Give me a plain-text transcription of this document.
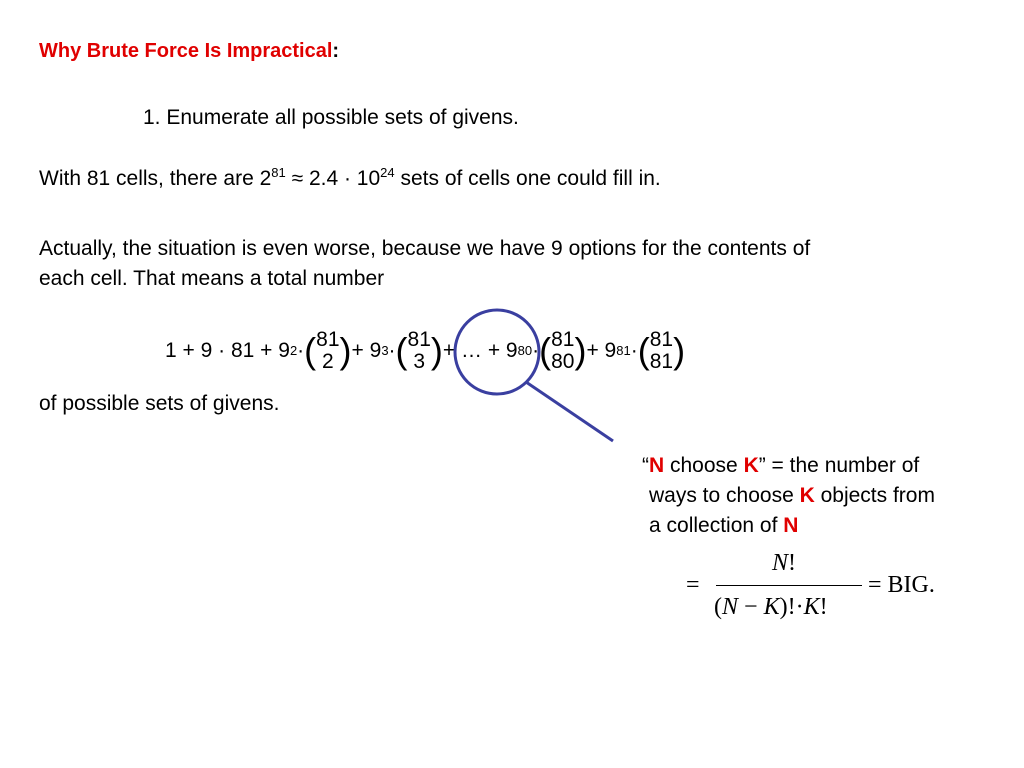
Why Brute Force Is Impractical:
1. Enumerate all possible sets of givens.
With 81 cells, there are $2^{81} \approx 2.4 \cdot 10^{24}$ sets of cells one could fill in.
Actually, the situation is even worse, because we have 9 options for the contents of
each cell. That means a total number
1 + 9 · 81 + 9 2 · ( 81
2 ) + 9 3 · ( 81
3 ) + … + 9 80 · ( 81
80 ) + 9 81 · ( 81
81 )
of possible sets of givens.
“N choose K” = the number of
ways to choose K objects from
a collection of N
=
N!
(N − K)!·K!
= BIG.
